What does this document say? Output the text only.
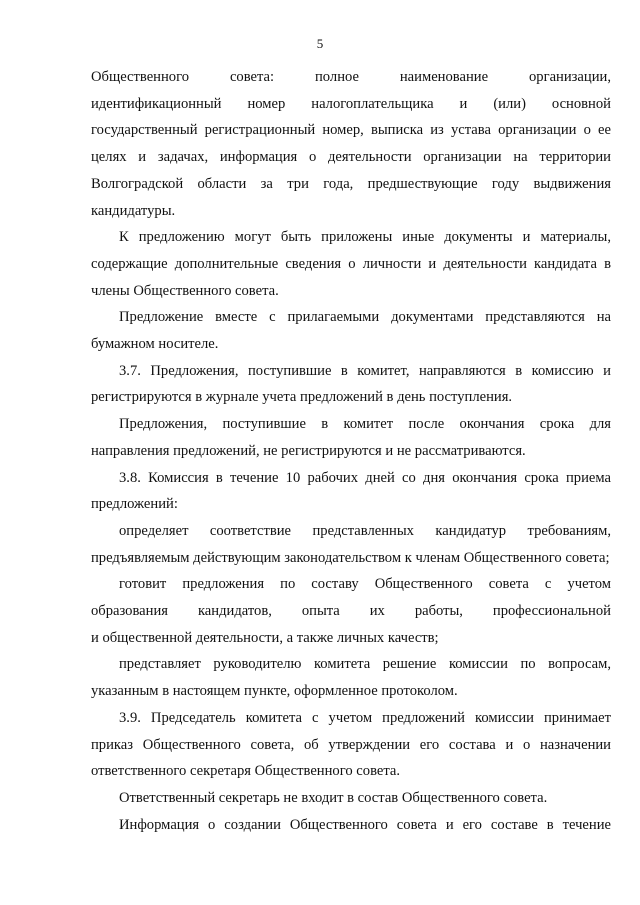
5
Общественного	совета:	полное	наименование	организации,
идентификационный номер налогоплательщика и (или) основной

государственный регистрационный номер, выписка из устава организации о ее целях и задачах, информация о деятельности организации на территории Волгоградской области за три года, предшествующие году выдвижения кандидатуры.

К предложению могут быть приложены иные документы и материалы, содержащие дополнительные сведения о личности и деятельности кандидата в члены Общественного совета.

Предложение вместе с прилагаемыми документами представляются на бумажном носителе.

3.7. Предложения, поступившие в комитет, направляются в комиссию и регистрируются в журнале учета предложений в день поступления.

Предложения, поступившие в комитет после окончания срока для направления предложений, не регистрируются и не рассматриваются.

3.8. Комиссия в течение 10 рабочих дней со дня окончания срока приема предложений:

определяет соответствие представленных кандидатур требованиям, предъявляемым действующим законодательством к членам Общественного совета;

готовит предложения по составу Общественного совета с учетом

образования кандидатов, опыта их работы, профессиональной

и общественной деятельности, а также личных качеств;

представляет руководителю комитета решение комиссии по вопросам, указанным в настоящем пункте, оформленное протоколом.

3.9. Председатель комитета с учетом предложений комиссии принимает приказ Общественного совета, об утверждении его состава и о назначении ответственного секретаря Общественного совета.

Ответственный секретарь не входит в состав Общественного совета.

Информация о создании Общественного совета и его составе в течение
